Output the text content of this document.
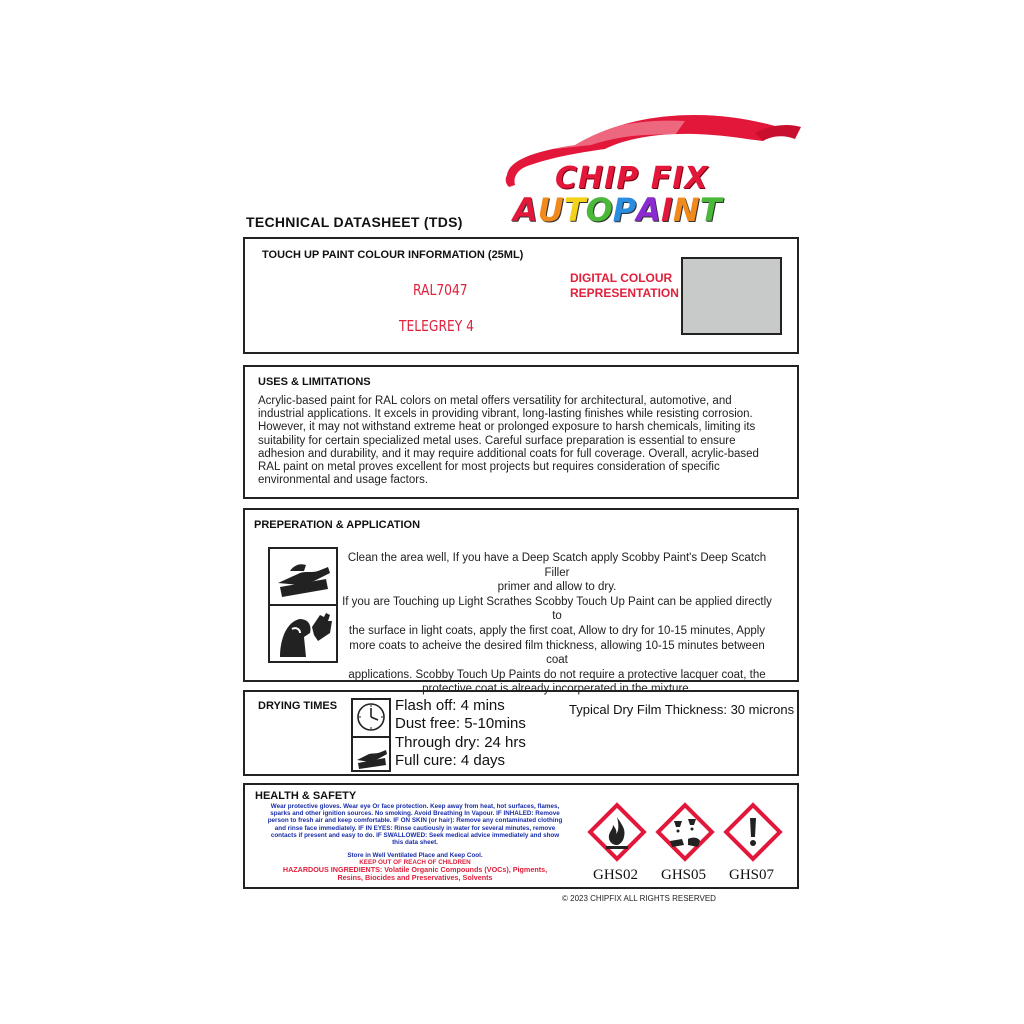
CHIP FIX
AUTOPAINT
TECHNICAL DATASHEET (TDS)
TOUCH UP PAINT COLOUR INFORMATION (25ML)
RAL7047
TELEGREY 4
DIGITAL COLOUR
REPRESENTATION
USES & LIMITATIONS
Acrylic-based paint for RAL colors on metal offers versatility for architectural, automotive, and
industrial applications. It excels in providing vibrant, long-lasting finishes while resisting corrosion.
However, it may not withstand extreme heat or prolonged exposure to harsh chemicals, limiting its
suitability for certain specialized metal uses. Careful surface preparation is essential to ensure
adhesion and durability, and it may require additional coats for full coverage. Overall, acrylic-based
RAL paint on metal proves excellent for most projects but requires consideration of specific
environmental and usage factors.
PREPERATION & APPLICATION
Clean the area well, If you have a Deep Scatch apply Scobby Paint's Deep Scatch Filler
primer and allow to dry.
If you are Touching up Light Scrathes Scobby Touch Up Paint can be applied directly to
the surface in light coats, apply the first coat, Allow to dry for 10-15 minutes, Apply
more coats to acheive the desired film thickness, allowing 10-15 minutes between coat
applications. Scobby Touch Up Paints do not require a protective lacquer coat, the
protective coat is already incorperated in the mixture.
DRYING TIMES	Flash off: 4 mins
Dust free: 5-10mins
Through dry: 24 hrs
Full cure: 4 days
Typical Dry Film Thickness: 30 microns
HEALTH & SAFETY
Wear protective gloves. Wear eye Or face protection. Keep away from heat, hot surfaces, flames,
sparks and other ignition sources. No smoking. Avoid Breathing In Vapour. IF INHALED: Remove
person to fresh air and keep comfortable. IF ON SKIN (or hair): Remove any contaminated clothing
and rinse face immediately. IF IN EYES: Rinse cautiously in water for several minutes, remove
contacts if present and easy to do. IF SWALLOWED: Seek medical advice immediately and show
this data sheet.
Store in Well Ventilated Place and Keep Cool.
KEEP OUT OF REACH OF CHILDREN
HAZARDOUS INGREDIENTS: Volatile Organic Compounds (VOCs), Pigments,
Resins, Biocides and Preservatives, Solvents	GHS02 GHS05 GHS07
© 2023 CHIPFIX ALL RIGHTS RESERVED
